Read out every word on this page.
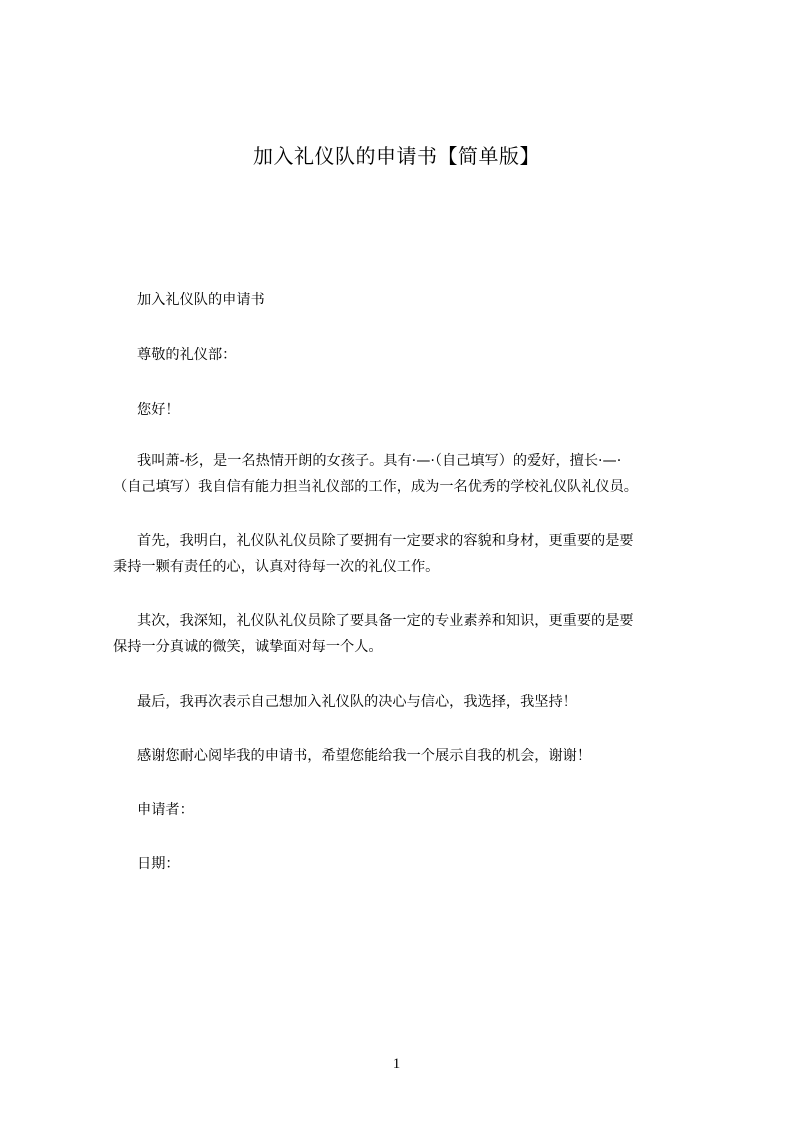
加入礼仪队的申请书【简单版】

加入礼仪队的申请书

尊敬的礼仪部：

您好！

我叫萧-杉，是一名热情开朗的女孩子。具有·—·（自己填写）的爱好，擅长·—·
（自己填写）我自信有能力担当礼仪部的工作，成为一名优秀的学校礼仪队礼仪员。

首先，我明白，礼仪队礼仪员除了要拥有一定要求的容貌和身材，更重要的是要
秉持一颗有责任的心，认真对待每一次的礼仪工作。

其次，我深知，礼仪队礼仪员除了要具备一定的专业素养和知识，更重要的是要
保持一分真诚的微笑，诚挚面对每一个人。

最后，我再次表示自己想加入礼仪队的决心与信心，我选择，我坚持！

感谢您耐心阅毕我的申请书，希望您能给我一个展示自我的机会，谢谢！

申请者：

日期：

1
